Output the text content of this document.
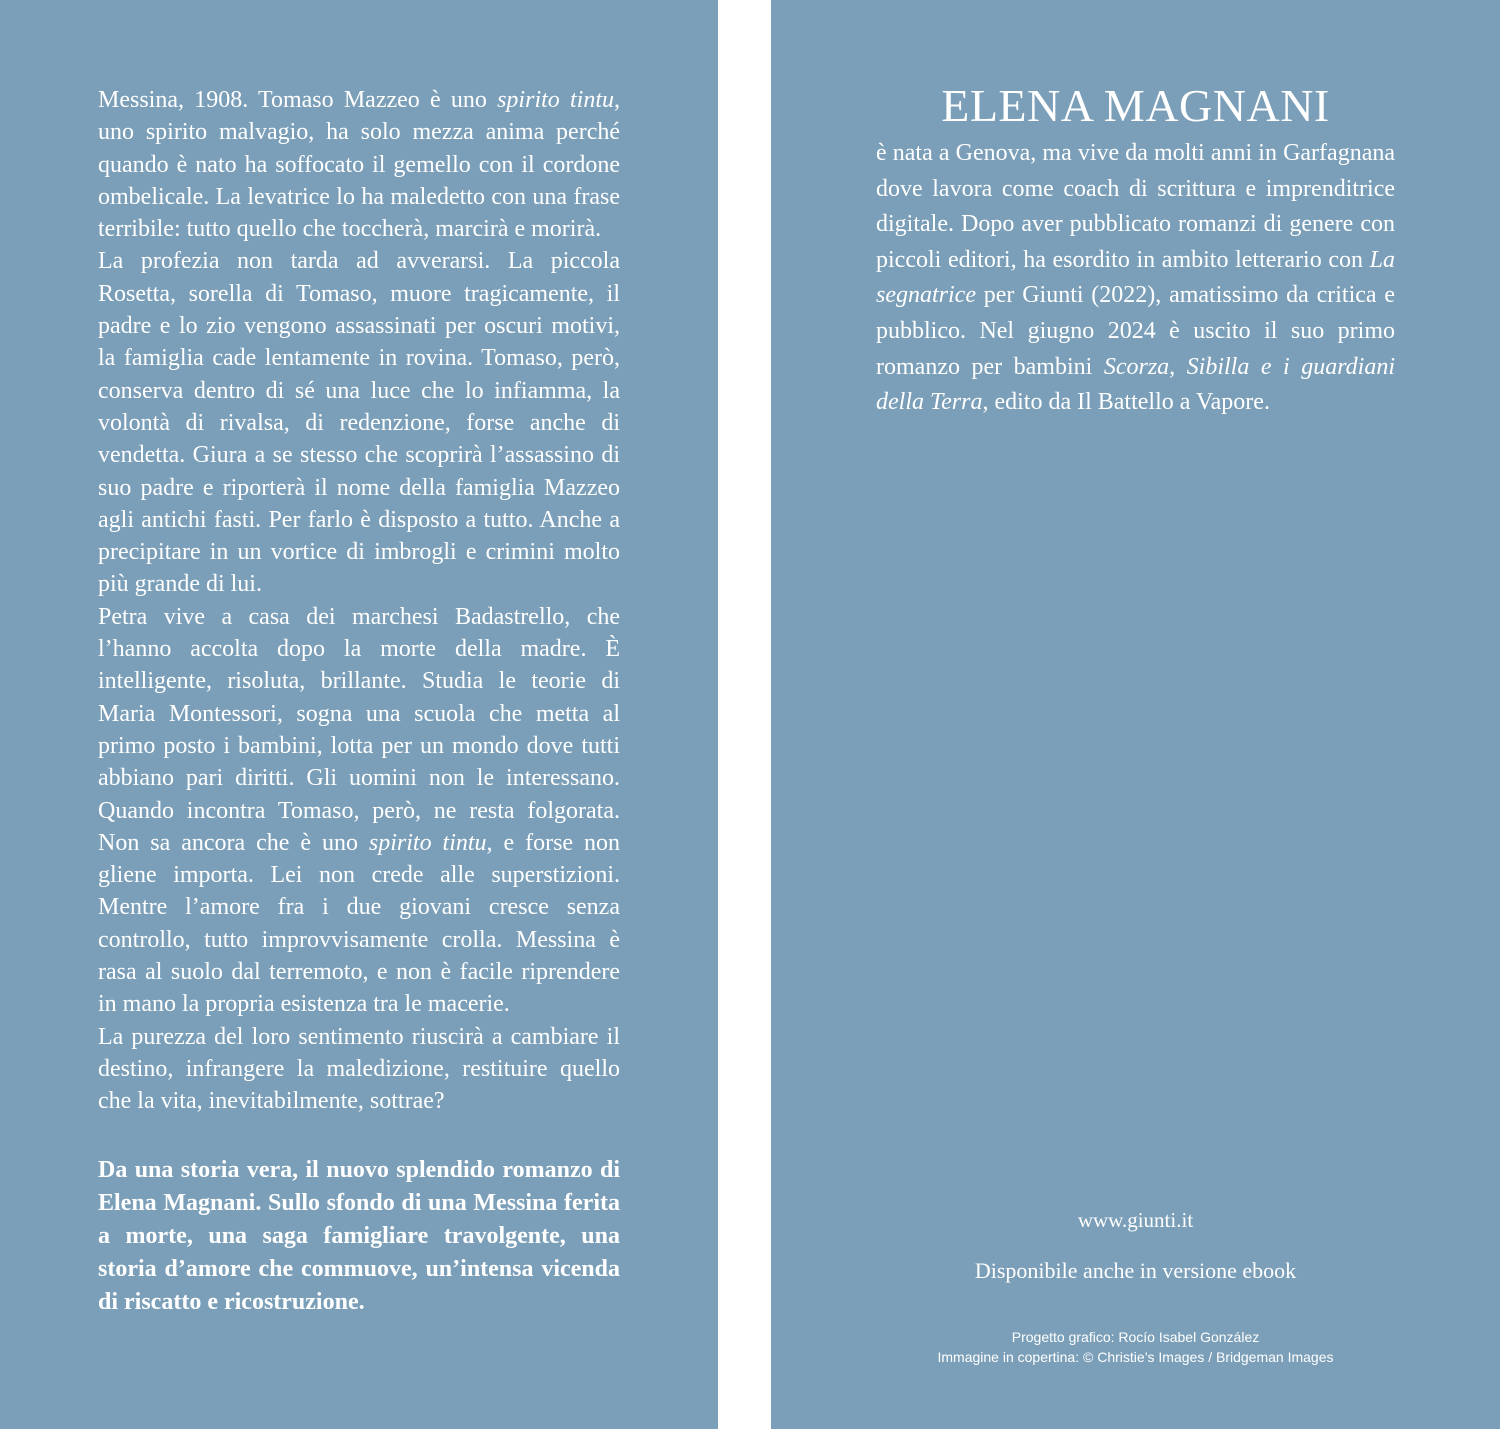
Messina, 1908. Tomaso Mazzeo è uno spirito tintu, uno spirito malvagio, ha solo mezza anima perché quando è nato ha soffocato il gemello con il cordone ombelicale. La levatrice lo ha maledetto con una frase terribile: tutto quello che toccherà, marcirà e morirà.

La profezia non tarda ad avverarsi. La piccola Rosetta, sorella di Tomaso, muore tragicamente, il padre e lo zio vengono assassinati per oscuri motivi, la famiglia cade lentamente in rovina. Tomaso, però, conserva dentro di sé una luce che lo infiamma, la volontà di rivalsa, di redenzione, forse anche di vendetta. Giura a se stesso che scoprirà l’assassino di suo padre e riporterà il nome della famiglia Mazzeo agli antichi fasti. Per farlo è disposto a tutto. Anche a precipitare in un vortice di imbrogli e crimini molto più grande di lui.

Petra vive a casa dei marchesi Badastrello, che l’hanno accolta dopo la morte della madre. È intelligente, risoluta, brillante. Studia le teorie di Maria Montessori, sogna una scuola che metta al primo posto i bambini, lotta per un mondo dove tutti abbiano pari diritti. Gli uomini non le interessano. Quando incontra Tomaso, però, ne resta folgorata. Non sa ancora che è uno spirito tintu, e forse non gliene importa. Lei non crede alle superstizioni. Mentre l’amore fra i due giovani cresce senza controllo, tutto improvvisamente crolla. Messina è rasa al suolo dal terremoto, e non è facile riprendere in mano la propria esistenza tra le macerie.

La purezza del loro sentimento riuscirà a cambiare il destino, infrangere la maledizione, restituire quello che la vita, inevitabilmente, sottrae?

Da una storia vera, il nuovo splendido romanzo di Elena Magnani. Sullo sfondo di una Messina ferita a morte, una saga famigliare travolgente, una storia d’amore che commuove, un’intensa vicenda di riscatto e ricostruzione.
ELENA MAGNANI
è nata a Genova, ma vive da molti anni in Garfagnana dove lavora come coach di scrittura e imprenditrice digitale. Dopo aver pubblicato romanzi di genere con piccoli editori, ha esordito in ambito letterario con La segnatrice per Giunti (2022), amatissimo da critica e pubblico. Nel giugno 2024 è uscito il suo primo romanzo per bambini Scorza, Sibilla e i guardiani della Terra, edito da Il Battello a Vapore.
www.giunti.it
Disponibile anche in versione ebook
Progetto grafico: Rocío Isabel González
Immagine in copertina: © Christie’s Images / Bridgeman Images
